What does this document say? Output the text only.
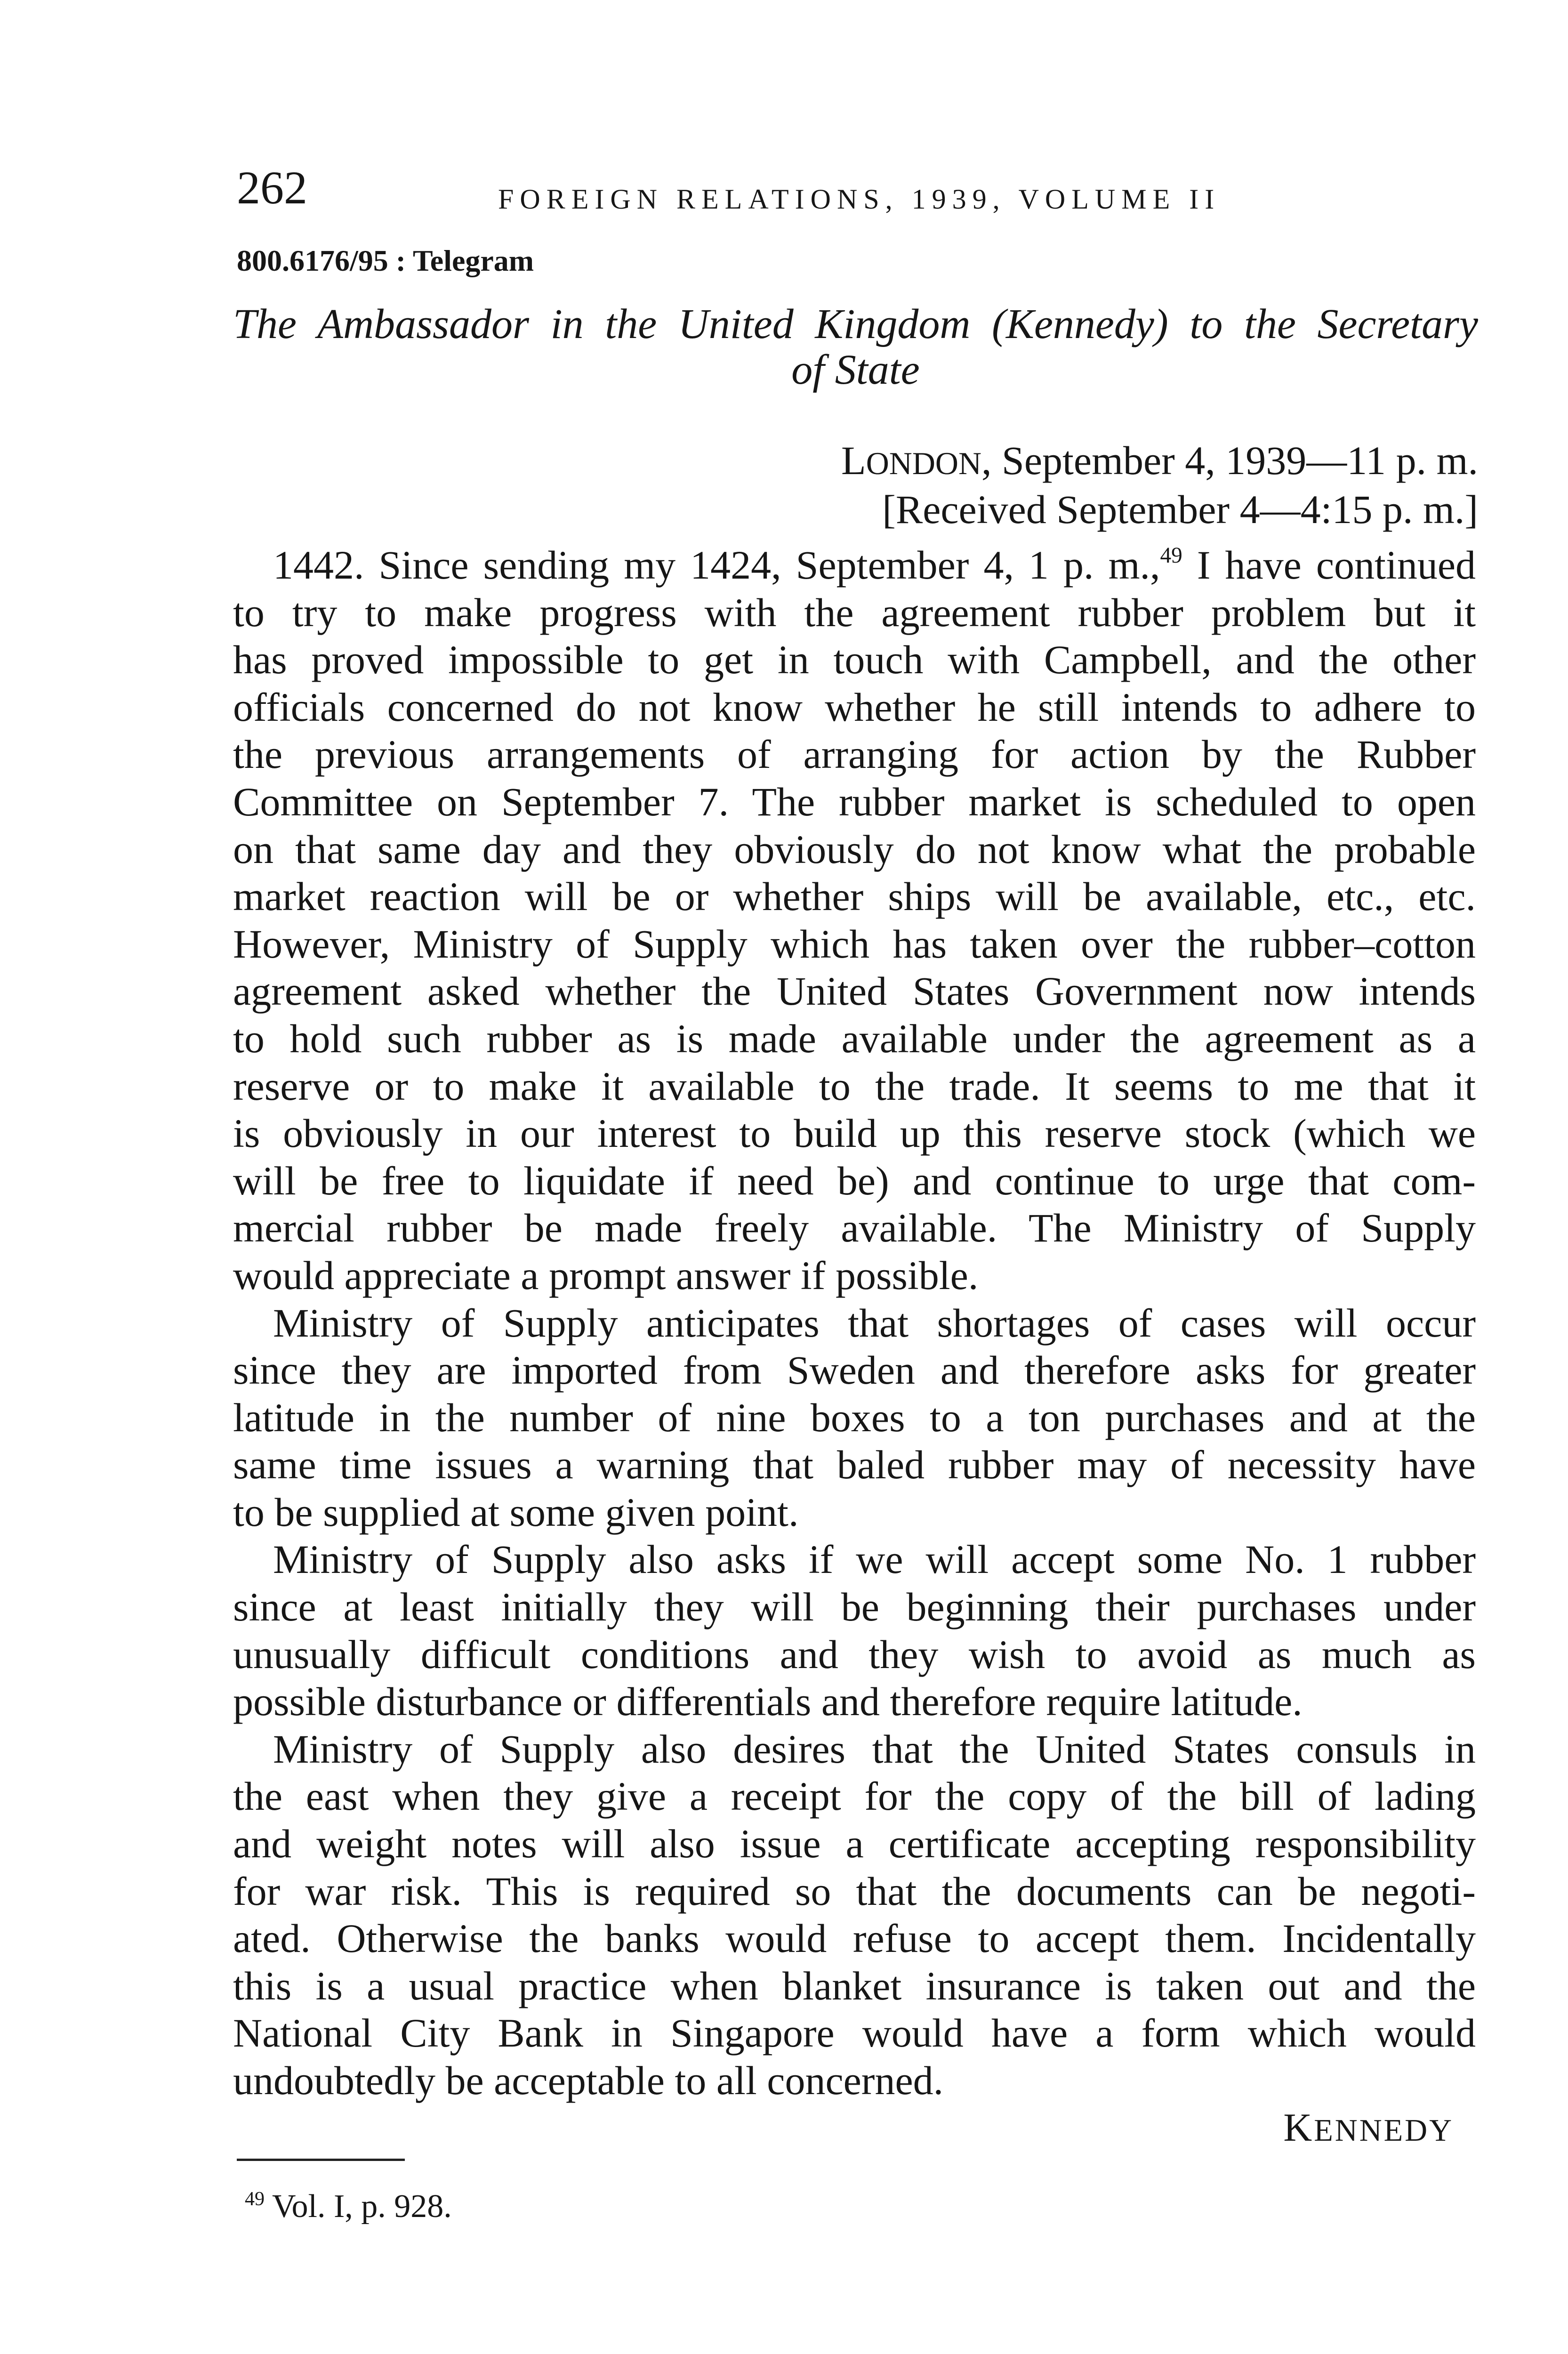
262	FOREIGN RELATIONS, 1939, VOLUME II
800.6176/95 : Telegram
The Ambassador in the United Kingdom (Kennedy) to the Secretary
of State
LONDON, September 4, 1939—11 p. m.
[Received September 4—4:15 p. m.]
1442. Since sending my 1424, September 4, 1 p. m.,$^{49}$ I have continued
to try to make progress with the agreement rubber problem but it
has proved impossible to get in touch with Campbell, and the other
officials concerned do not know whether he still intends to adhere to
the previous arrangements of arranging for action by the Rubber
Committee on September 7. The rubber market is scheduled to open
on that same day and they obviously do not know what the probable
market reaction will be or whether ships will be available, etc., etc.
However, Ministry of Supply which has taken over the rubber–cotton
agreement asked whether the United States Government now intends
to hold such rubber as is made available under the agreement as a
reserve or to make it available to the trade. It seems to me that it
is obviously in our interest to build up this reserve stock (which we
will be free to liquidate if need be) and continue to urge that com-
mercial rubber be made freely available. The Ministry of Supply
would appreciate a prompt answer if possible.
Ministry of Supply anticipates that shortages of cases will occur
since they are imported from Sweden and therefore asks for greater
latitude in the number of nine boxes to a ton purchases and at the
same time issues a warning that baled rubber may of necessity have
to be supplied at some given point.
Ministry of Supply also asks if we will accept some No. 1 rubber
since at least initially they will be beginning their purchases under
unusually difficult conditions and they wish to avoid as much as
possible disturbance or differentials and therefore require latitude.
Ministry of Supply also desires that the United States consuls in
the east when they give a receipt for the copy of the bill of lading
and weight notes will also issue a certificate accepting responsibility
for war risk. This is required so that the documents can be negoti-
ated. Otherwise the banks would refuse to accept them. Incidentally
this is a usual practice when blanket insurance is taken out and the
National City Bank in Singapore would have a form which would
undoubtedly be acceptable to all concerned.
KENNEDY
$^{49}$ Vol. I, p. 928.
